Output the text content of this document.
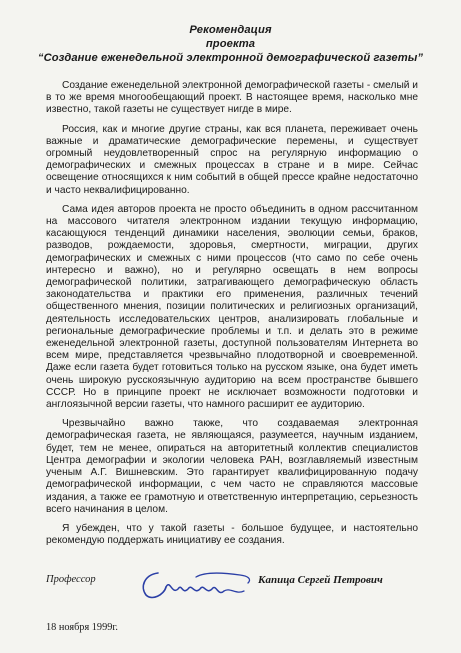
Рекомендация
проекта
“Создание еженедельной электронной демографической газеты”

Создание еженедельной электронной демографической газеты - смелый и в то же время многообещающий проект. В настоящее время, насколько мне известно, такой газеты не существует нигде в мире.

Россия, как и многие другие страны, как вся планета, переживает очень важные и драматические демографические перемены, и существует огромный неудовлетворенный спрос на регулярную информацию о демографических и смежных процессах в стране и в мире. Сейчас освещение относящихся к ним событий в общей прессе крайне недостаточно и часто неквалифицированно.

Сама идея авторов проекта не просто объединить в одном рассчитанном на массового читателя электронном издании текущую информацию, касающуюся тенденций динамики населения, эволюции семьи, браков, разводов, рождаемости, здоровья, смертности, миграции, других демографических и смежных с ними процессов (что само по себе очень интересно и важно), но и регулярно освещать в нем вопросы демографической политики, затрагивающего демографическую область законодательства и практики его применения, различных течений общественного мнения, позиции политических и религиозных организаций, деятельность исследовательских центров, анализировать глобальные и региональные демографические проблемы и т.п. и делать это в режиме еженедельной электронной газеты, доступной пользователям Интернета во всем мире, представляется чрезвычайно плодотворной и своевременной. Даже если газета будет готовиться только на русском языке, она будет иметь очень широкую русскоязычную аудиторию на всем пространстве бывшего СССР. Но в принципе проект не исключает возможности подготовки и англоязычной версии газеты, что намного расширит ее аудиторию.

Чрезвычайно важно также, что создаваемая электронная демографическая газета, не являющаяся, разумеется, научным изданием, будет, тем не менее, опираться на авторитетный коллектив специалистов Центра демографии и экологии человека РАН, возглавляемый известным ученым А.Г. Вишневским. Это гарантирует квалифицированную подачу демографической информации, с чем часто не справляются массовые издания, а также ее грамотную и ответственную интерпретацию, серьезность всего начинания в целом.

Я убежден, что у такой газеты - большое будущее, и настоятельно рекомендую поддержать инициативу ее создания.

Профессор	Капица Сергей Петрович
18 ноября 1999г.
